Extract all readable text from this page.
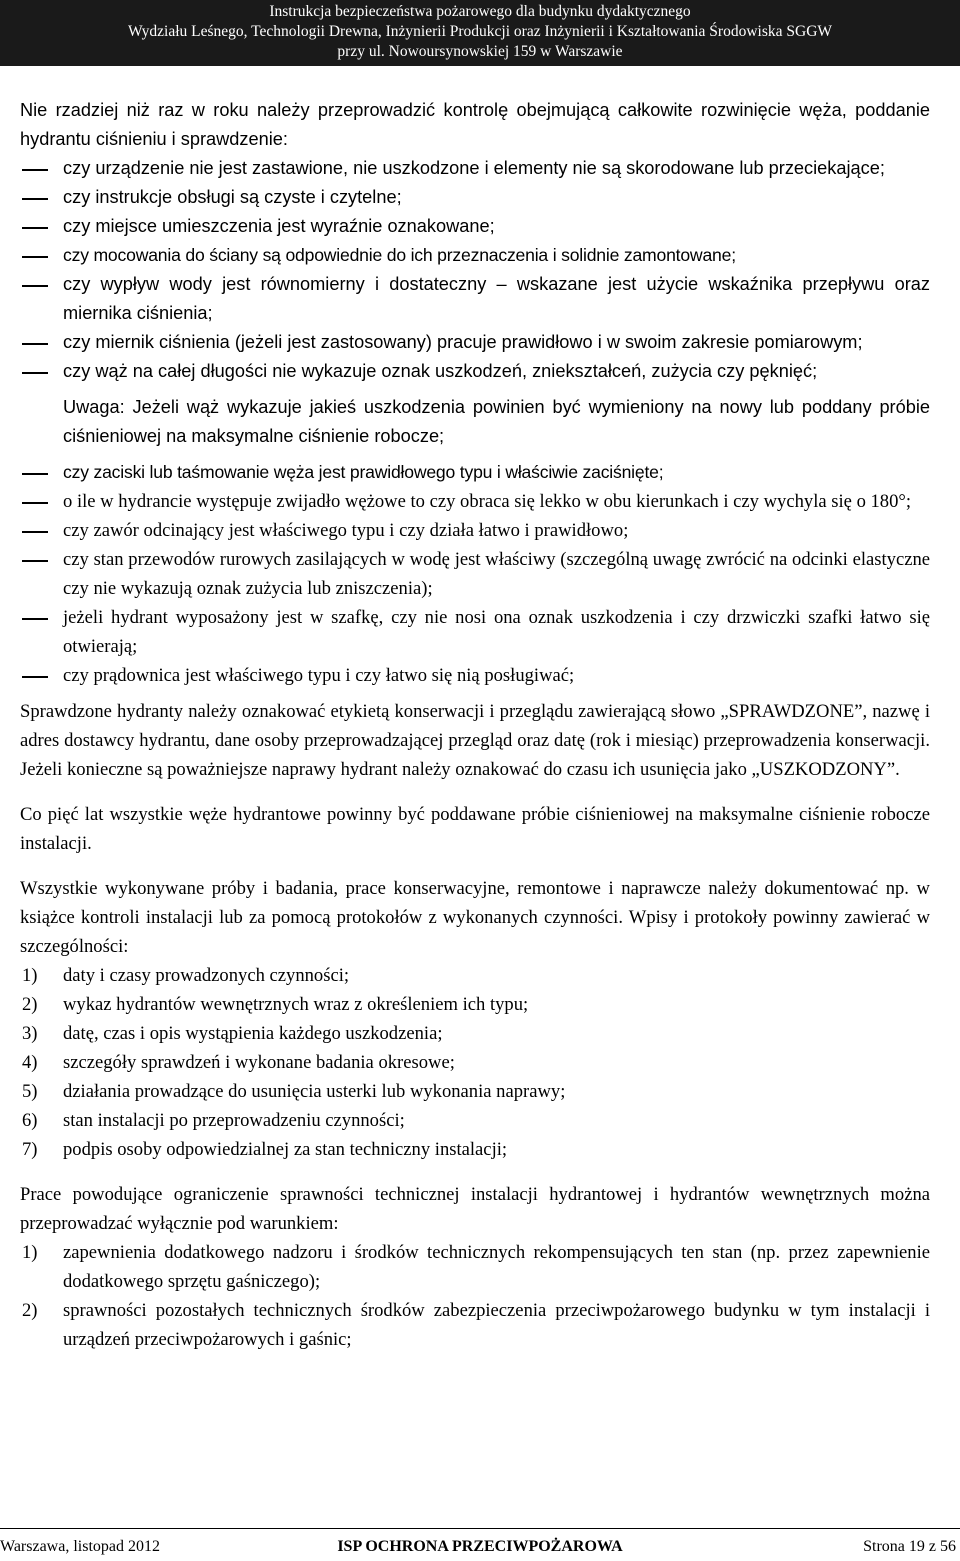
Instrukcja bezpieczeństwa pożarowego dla budynku dydaktycznego
Wydziału Leśnego, Technologii Drewna, Inżynierii Produkcji oraz Inżynierii i Kształtowania Środowiska SGGW
przy ul. Nowoursynowskiej 159 w Warszawie

Nie rzadziej niż raz w roku należy przeprowadzić kontrolę obejmującą całkowite rozwinięcie węża, poddanie hydrantu ciśnieniu i sprawdzenie:

czy urządzenie nie jest zastawione, nie uszkodzone i elementy nie są skorodowane lub przeciekające;
czy instrukcje obsługi są czyste i czytelne;
czy miejsce umieszczenia jest wyraźnie oznakowane;
czy mocowania do ściany są odpowiednie do ich przeznaczenia i solidnie zamontowane;
czy wypływ wody jest równomierny i dostateczny – wskazane jest użycie wskaźnika przepływu oraz miernika ciśnienia;
czy miernik ciśnienia (jeżeli jest zastosowany) pracuje prawidłowo i w swoim zakresie pomiarowym;
czy wąż na całej długości nie wykazuje oznak uszkodzeń, zniekształceń, zużycia czy pęknięć;
Uwaga: Jeżeli wąż wykazuje jakieś uszkodzenia powinien być wymieniony na nowy lub poddany próbie ciśnieniowej na maksymalne ciśnienie robocze;
czy zaciski lub taśmowanie węża jest prawidłowego typu i właściwie zaciśnięte;
o ile w hydrancie występuje zwijadło wężowe to czy obraca się lekko w obu kierunkach i czy wychyla się o 180°;
czy zawór odcinający jest właściwego typu i czy działa łatwo i prawidłowo;
czy stan przewodów rurowych zasilających w wodę jest właściwy (szczególną uwagę zwrócić na odcinki elastyczne czy nie wykazują oznak zużycia lub zniszczenia);
jeżeli hydrant wyposażony jest w szafkę, czy nie nosi ona oznak uszkodzenia i czy drzwiczki szafki łatwo się otwierają;
czy prądownica jest właściwego typu i czy łatwo się nią posługiwać;

Sprawdzone hydranty należy oznakować etykietą konserwacji i przeglądu zawierającą słowo „SPRAWDZONE”, nazwę i adres dostawcy hydrantu, dane osoby przeprowadzającej przegląd oraz datę (rok i miesiąc) przeprowadzenia konserwacji. Jeżeli konieczne są poważniejsze naprawy hydrant należy oznakować do czasu ich usunięcia jako „USZKODZONY”.

Co pięć lat wszystkie węże hydrantowe powinny być poddawane próbie ciśnieniowej na maksymalne ciśnienie robocze instalacji.

Wszystkie wykonywane próby i badania, prace konserwacyjne, remontowe i naprawcze należy dokumentować np. w książce kontroli instalacji lub za pomocą protokołów z wykonanych czynności. Wpisy i protokoły powinny zawierać w szczególności:

1)	daty i czasy prowadzonych czynności;
2)	wykaz hydrantów wewnętrznych wraz z określeniem ich typu;
3)	datę, czas i opis wystąpienia każdego uszkodzenia;
4)	szczegóły sprawdzeń i wykonane badania okresowe;
5)	działania prowadzące do usunięcia usterki lub wykonania naprawy;
6)	stan instalacji po przeprowadzeniu czynności;
7)	podpis osoby odpowiedzialnej za stan techniczny instalacji;

Prace powodujące ograniczenie sprawności technicznej instalacji hydrantowej i hydrantów wewnętrznych można przeprowadzać wyłącznie pod warunkiem:

1)	zapewnienia dodatkowego nadzoru i środków technicznych rekompensujących ten stan (np. przez zapewnienie dodatkowego sprzętu gaśniczego);
2)	sprawności pozostałych technicznych środków zabezpieczenia przeciwpożarowego budynku w tym instalacji i urządzeń przeciwpożarowych i gaśnic;
Warszawa, listopad 2012	ISP OCHRONA PRZECIWPOŻAROWA	Strona 19 z 56
